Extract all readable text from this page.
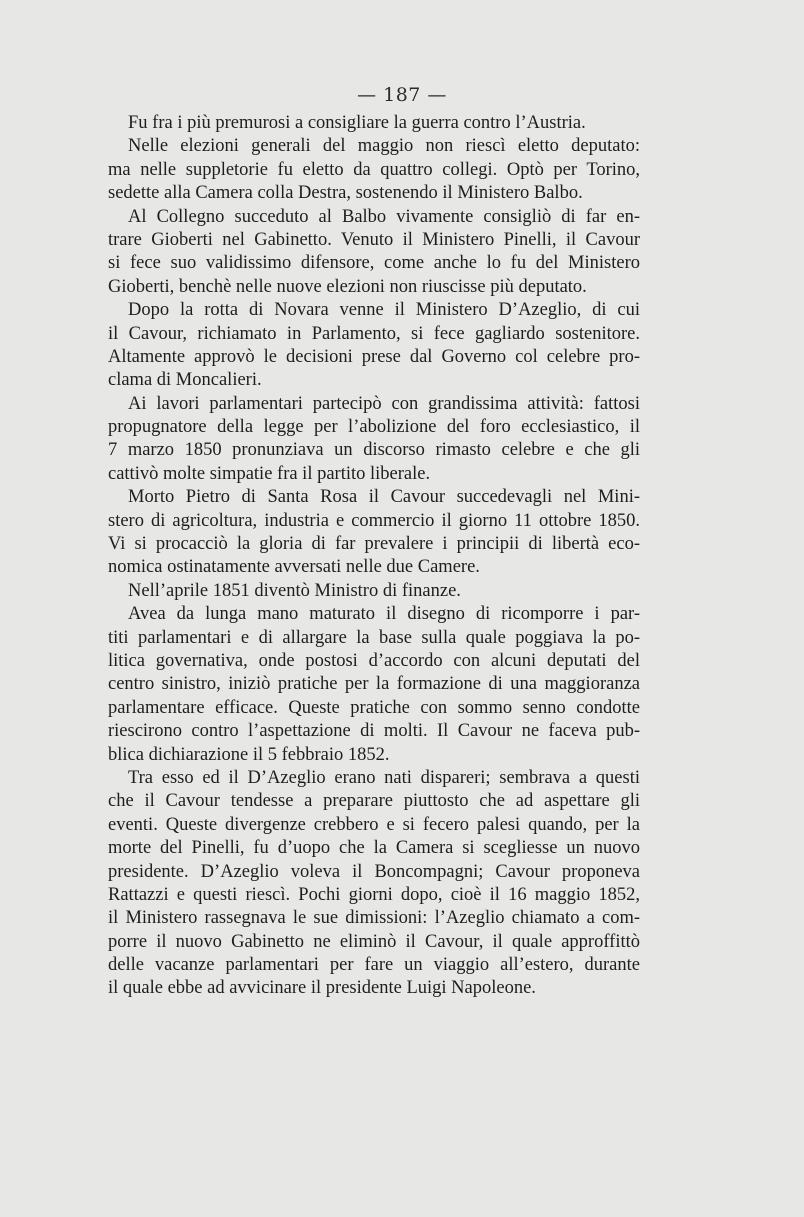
— 187 —
Fu fra i più premurosi a consigliare la guerra contro l’Austria.
Nelle elezioni generali del maggio non riescì eletto deputato:
ma nelle suppletorie fu eletto da quattro collegi. Optò per Torino,
sedette alla Camera colla Destra, sostenendo il Ministero Balbo.
Al Collegno succeduto al Balbo vivamente consigliò di far en-
trare Gioberti nel Gabinetto. Venuto il Ministero Pinelli, il Cavour
si fece suo validissimo difensore, come anche lo fu del Ministero
Gioberti, benchè nelle nuove elezioni non riuscisse più deputato.
Dopo la rotta di Novara venne il Ministero D’Azeglio, di cui
il Cavour, richiamato in Parlamento, si fece gagliardo sostenitore.
Altamente approvò le decisioni prese dal Governo col celebre pro-
clama di Moncalieri.
Ai lavori parlamentari partecipò con grandissima attività: fattosi
propugnatore della legge per l’abolizione del foro ecclesiastico, il
7 marzo 1850 pronunziava un discorso rimasto celebre e che gli
cattivò molte simpatie fra il partito liberale.
Morto Pietro di Santa Rosa il Cavour succedevagli nel Mini-
stero di agricoltura, industria e commercio il giorno 11 ottobre 1850.
Vi si procacciò la gloria di far prevalere i principii di libertà eco-
nomica ostinatamente avversati nelle due Camere.
Nell’aprile 1851 diventò Ministro di finanze.
Avea da lunga mano maturato il disegno di ricomporre i par-
titi parlamentari e di allargare la base sulla quale poggiava la po-
litica governativa, onde postosi d’accordo con alcuni deputati del
centro sinistro, iniziò pratiche per la formazione di una maggioranza
parlamentare efficace. Queste pratiche con sommo senno condotte
riescirono contro l’aspettazione di molti. Il Cavour ne faceva pub-
blica dichiarazione il 5 febbraio 1852.
Tra esso ed il D’Azeglio erano nati dispareri; sembrava a questi
che il Cavour tendesse a preparare piuttosto che ad aspettare gli
eventi. Queste divergenze crebbero e si fecero palesi quando, per la
morte del Pinelli, fu d’uopo che la Camera si scegliesse un nuovo
presidente. D’Azeglio voleva il Boncompagni; Cavour proponeva
Rattazzi e questi riescì. Pochi giorni dopo, cioè il 16 maggio 1852,
il Ministero rassegnava le sue dimissioni: l’Azeglio chiamato a com-
porre il nuovo Gabinetto ne eliminò il Cavour, il quale approffittò
delle vacanze parlamentari per fare un viaggio all’estero, durante
il quale ebbe ad avvicinare il presidente Luigi Napoleone.
